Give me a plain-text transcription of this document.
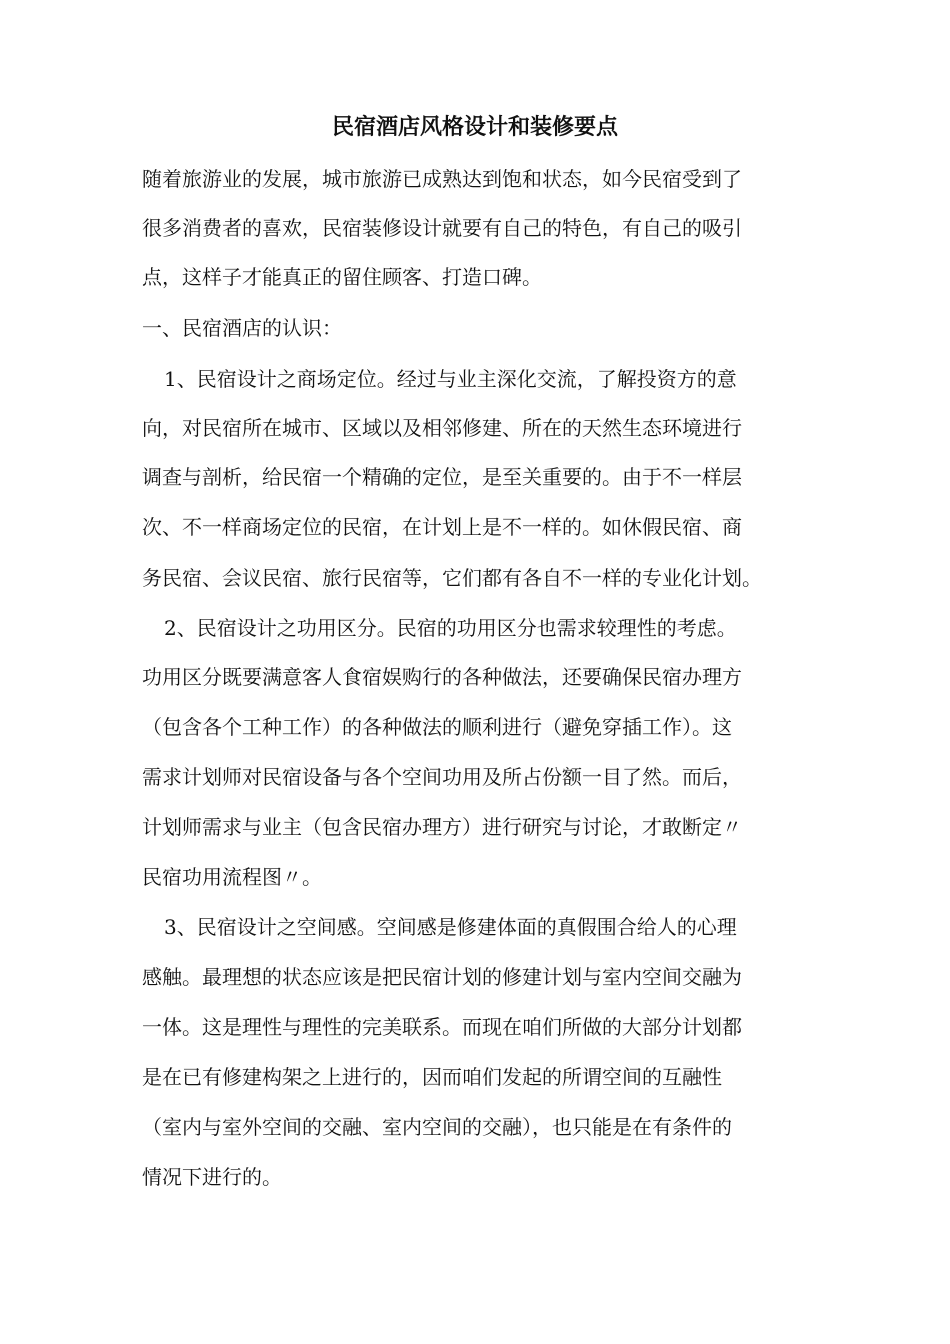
民宿酒店风格设计和装修要点
随着旅游业的发展，城市旅游已成熟达到饱和状态，如今民宿受到了
很多消费者的喜欢，民宿装修设计就要有自己的特色，有自己的吸引
点，这样子才能真正的留住顾客、打造口碑。
一、民宿酒店的认识：
1、民宿设计之商场定位。经过与业主深化交流，了解投资方的意
向，对民宿所在城市、区域以及相邻修建、所在的天然生态环境进行
调查与剖析，给民宿一个精确的定位，是至关重要的。由于不一样层
次、不一样商场定位的民宿，在计划上是不一样的。如休假民宿、商
务民宿、会议民宿、旅行民宿等，它们都有各自不一样的专业化计划。
2、民宿设计之功用区分。民宿的功用区分也需求较理性的考虑。
功用区分既要满意客人食宿娱购行的各种做法，还要确保民宿办理方
（包含各个工种工作）的各种做法的顺利进行（避免穿插工作）。这
需求计划师对民宿设备与各个空间功用及所占份额一目了然。而后，
计划师需求与业主（包含民宿办理方）进行研究与讨论，才敢断定〃
民宿功用流程图〃。
3、民宿设计之空间感。空间感是修建体面的真假围合给人的心理
感触。最理想的状态应该是把民宿计划的修建计划与室内空间交融为
一体。这是理性与理性的完美联系。而现在咱们所做的大部分计划都
是在已有修建构架之上进行的，因而咱们发起的所谓空间的互融性
（室内与室外空间的交融、室内空间的交融），也只能是在有条件的
情况下进行的。
